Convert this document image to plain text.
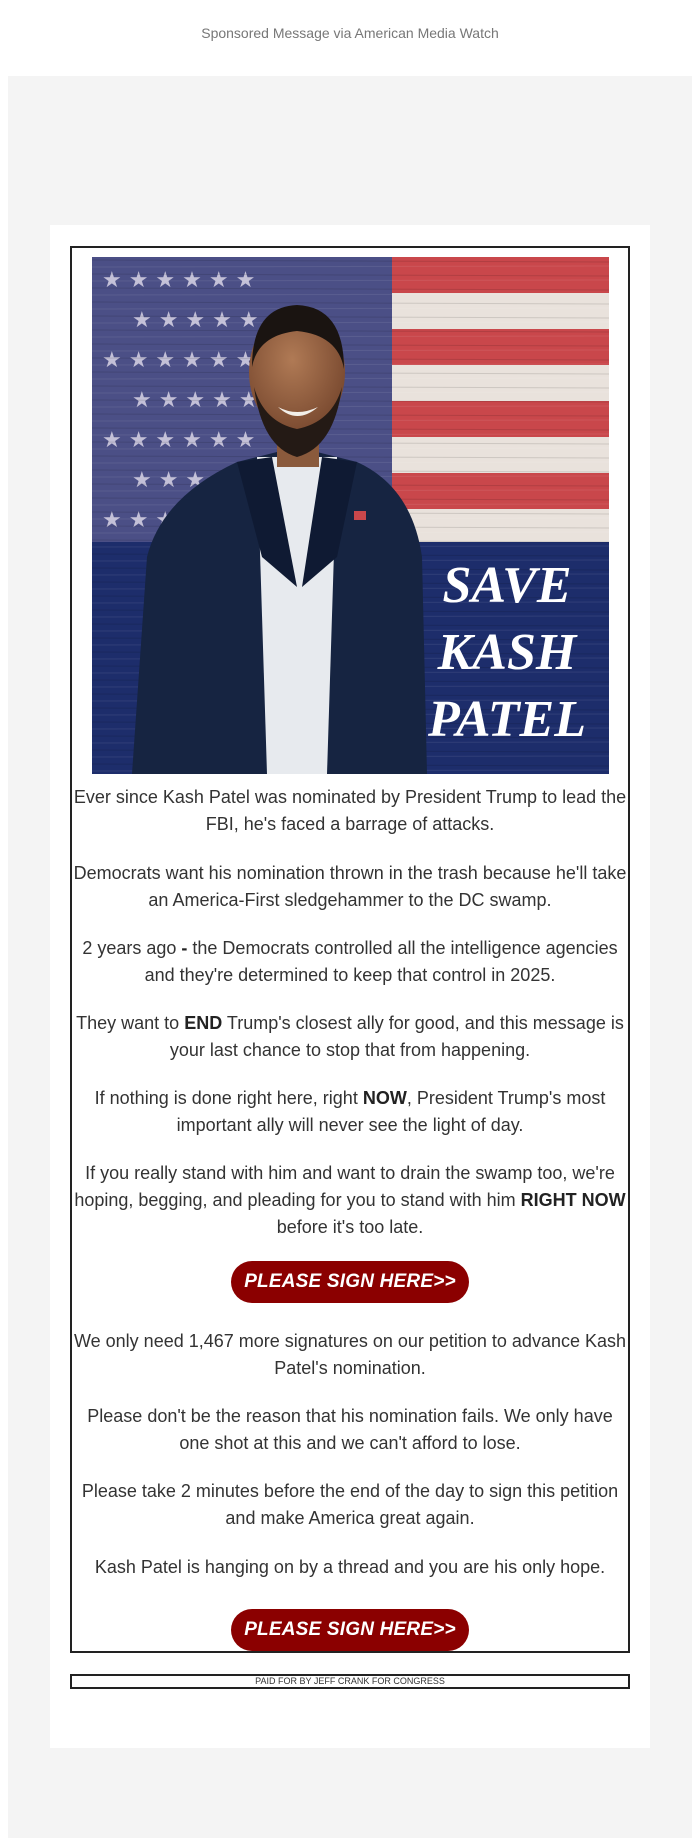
Sponsored Message via American Media Watch
SAVE
KASH
PATEL

Ever since Kash Patel was nominated by President Trump to lead the FBI, he's faced a barrage of attacks.

Democrats want his nomination thrown in the trash because he'll take an America-First sledgehammer to the DC swamp.

2 years ago - the Democrats controlled all the intelligence agencies and they're determined to keep that control in 2025.

They want to END Trump's closest ally for good, and this message is your last chance to stop that from happening.

If nothing is done right here, right NOW, President Trump's most important ally will never see the light of day.

If you really stand with him and want to drain the swamp too, we're hoping, begging, and pleading for you to stand with him RIGHT NOW before it's too late.

PLEASE SIGN HERE>>

We only need 1,467 more signatures on our petition to advance Kash Patel's nomination.

Please don't be the reason that his nomination fails. We only have one shot at this and we can't afford to lose.

Please take 2 minutes before the end of the day to sign this petition and make America great again.

Kash Patel is hanging on by a thread and you are his only hope.

PLEASE SIGN HERE>>
PAID FOR BY JEFF CRANK FOR CONGRESS
